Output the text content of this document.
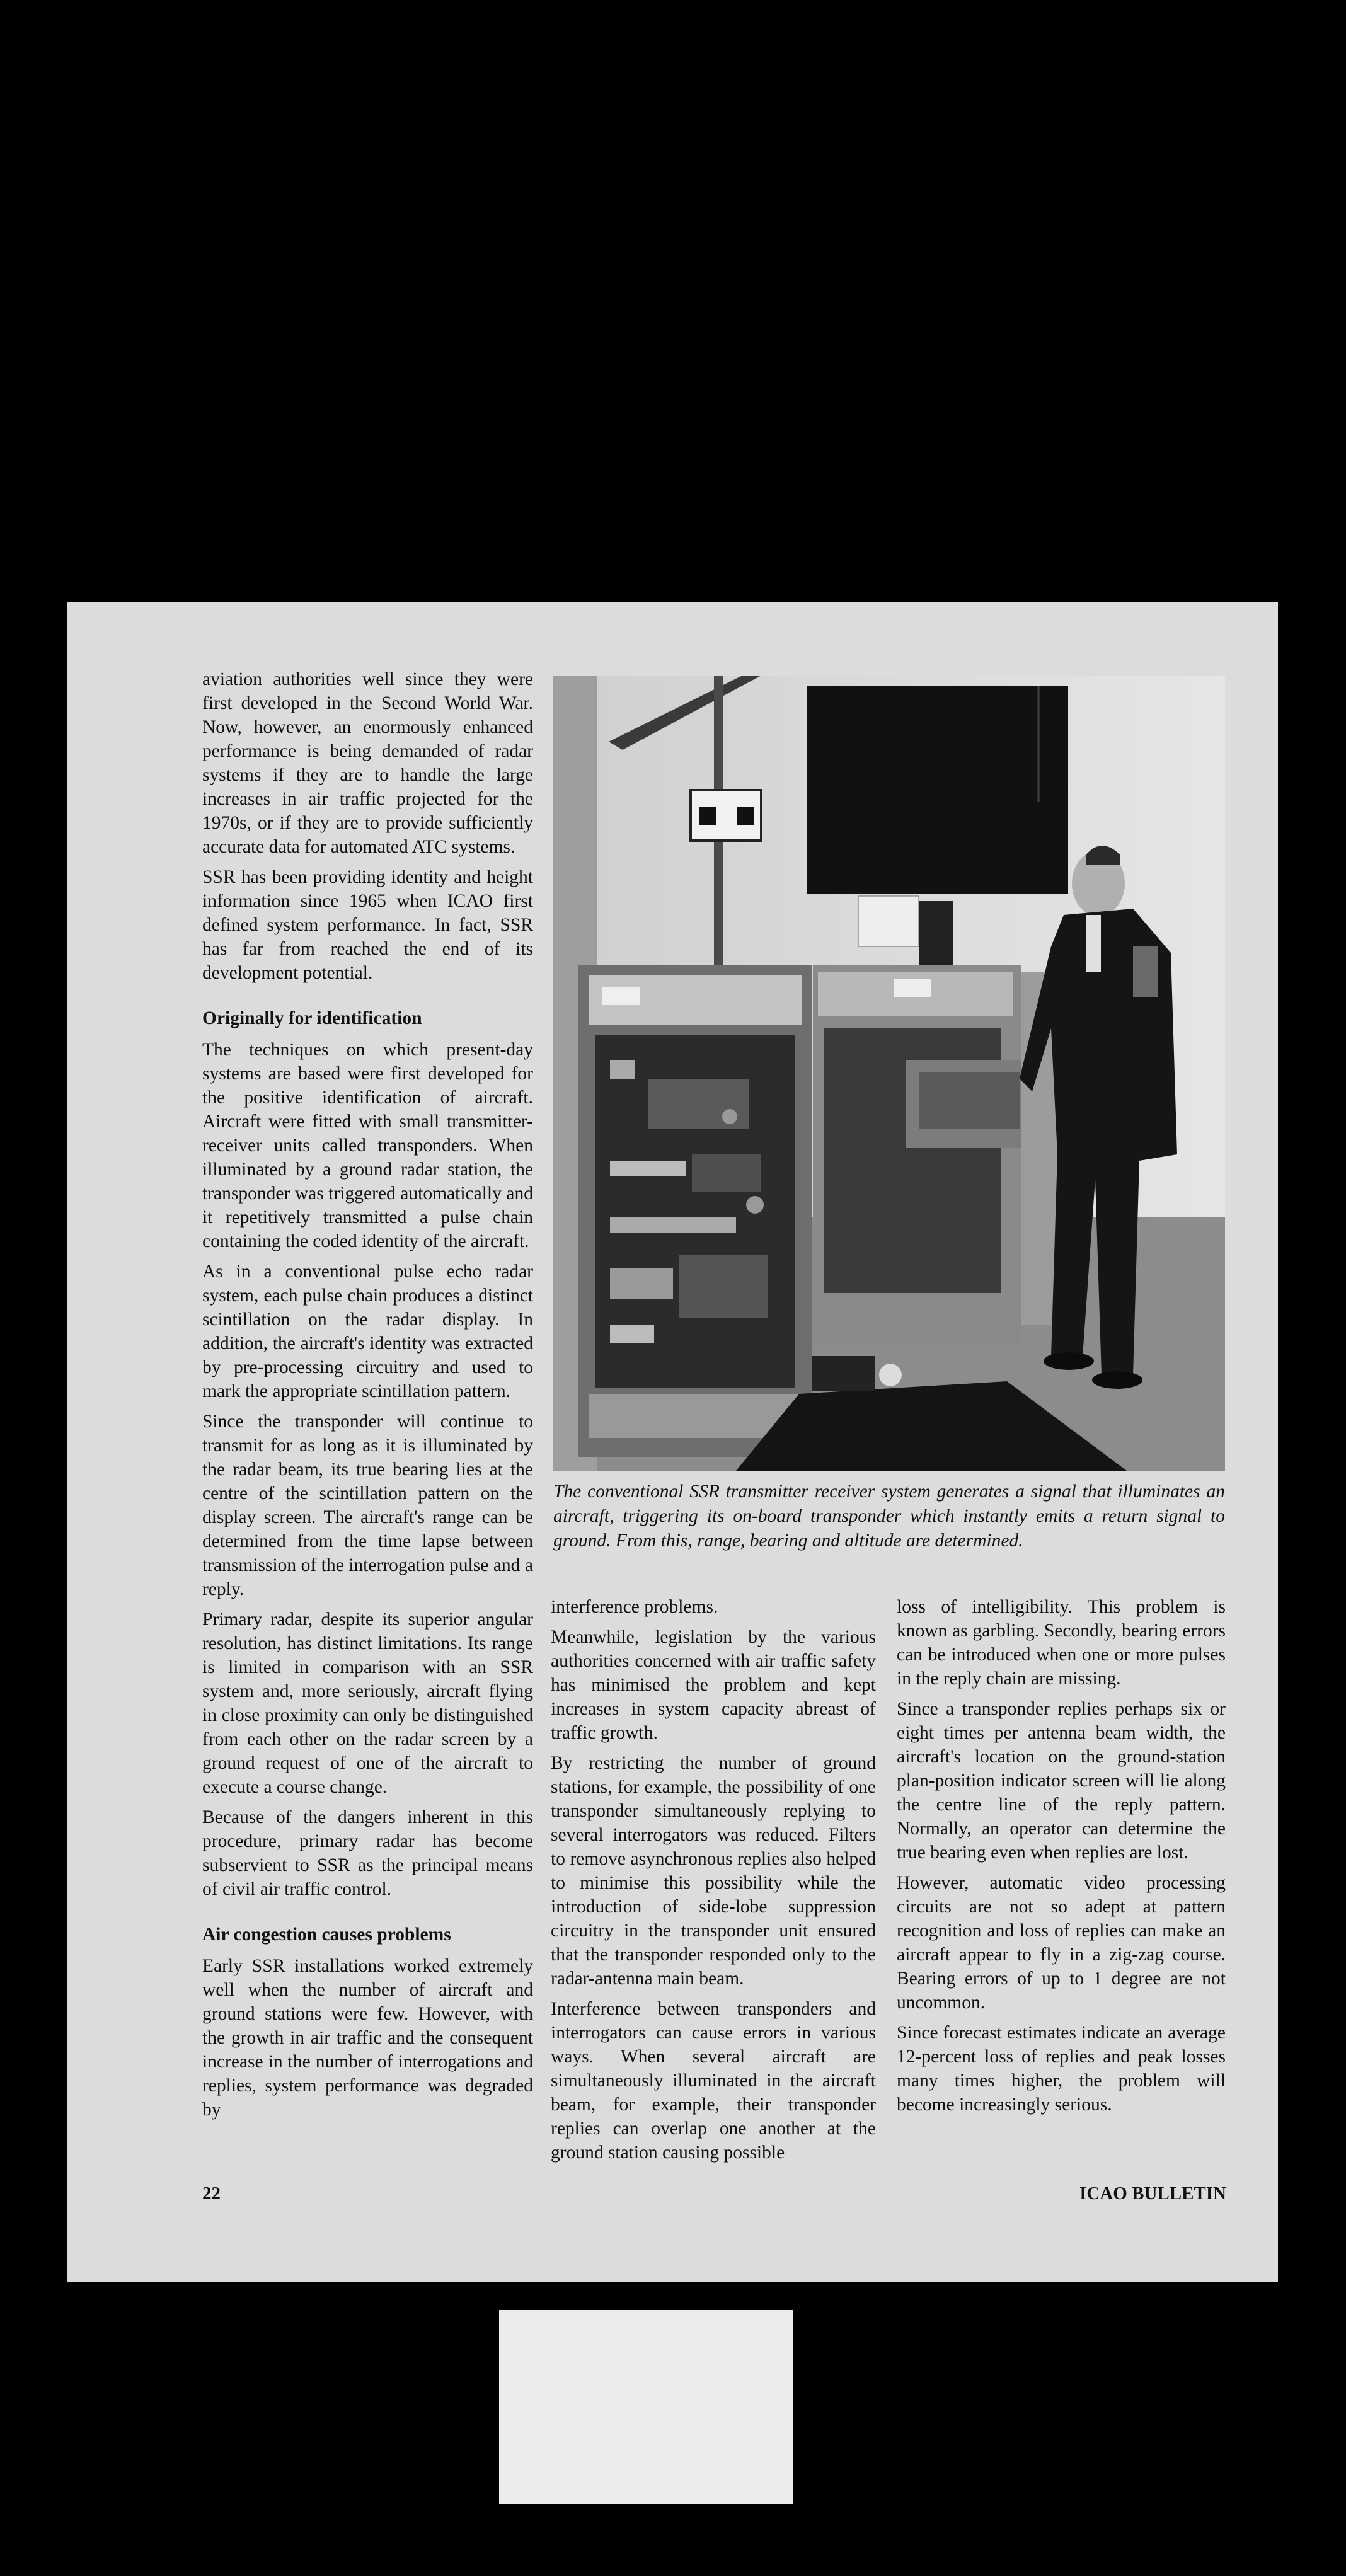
aviation authorities well since they were first developed in the Second World War. Now, however, an enormously enhanced performance is being demanded of radar systems if they are to handle the large increases in air traffic projected for the 1970s, or if they are to provide sufficiently accurate data for automated ATC systems.

SSR has been providing identity and height information since 1965 when ICAO first defined system performance. In fact, SSR has far from reached the end of its development potential.

Originally for identification

The techniques on which present-day systems are based were first developed for the positive identification of aircraft. Aircraft were fitted with small transmitter-receiver units called transponders. When illuminated by a ground radar station, the transponder was triggered automatically and it repetitively transmitted a pulse chain containing the coded identity of the aircraft.

As in a conventional pulse echo radar system, each pulse chain produces a distinct scintillation on the radar display. In addition, the aircraft's identity was extracted by pre-processing circuitry and used to mark the appropriate scintillation pattern.

Since the transponder will continue to transmit for as long as it is illuminated by the radar beam, its true bearing lies at the centre of the scintillation pattern on the display screen. The aircraft's range can be determined from the time lapse between transmission of the interrogation pulse and a reply.

Primary radar, despite its superior angular resolution, has distinct limitations. Its range is limited in comparison with an SSR system and, more seriously, aircraft flying in close proximity can only be distinguished from each other on the radar screen by a ground request of one of the aircraft to execute a course change.

Because of the dangers inherent in this procedure, primary radar has become subservient to SSR as the principal means of civil air traffic control.

Air congestion causes problems

Early SSR installations worked extremely well when the number of aircraft and ground stations were few. However, with the growth in air traffic and the consequent increase in the number of interrogations and replies, system performance was degraded by

The conventional SSR transmitter receiver system generates a signal that illuminates an aircraft, triggering its on-board transponder which instantly emits a return signal to ground. From this, range, bearing and altitude are determined.

interference problems.

Meanwhile, legislation by the various authorities concerned with air traffic safety has minimised the problem and kept increases in system capacity abreast of traffic growth.

By restricting the number of ground stations, for example, the possibility of one transponder simultaneously replying to several interrogators was reduced. Filters to remove asynchronous replies also helped to minimise this possibility while the introduction of side-lobe suppression circuitry in the transponder unit ensured that the transponder responded only to the radar-antenna main beam.

Interference between transponders and interrogators can cause errors in various ways. When several aircraft are simultaneously illuminated in the aircraft beam, for example, their transponder replies can overlap one another at the ground station causing possible

loss of intelligibility. This problem is known as garbling. Secondly, bearing errors can be introduced when one or more pulses in the reply chain are missing.

Since a transponder replies perhaps six or eight times per antenna beam width, the aircraft's location on the ground-station plan-position indicator screen will lie along the centre line of the reply pattern. Normally, an operator can determine the true bearing even when replies are lost.

However, automatic video processing circuits are not so adept at pattern recognition and loss of replies can make an aircraft appear to fly in a zig-zag course. Bearing errors of up to 1 degree are not uncommon.

Since forecast estimates indicate an average 12-percent loss of replies and peak losses many times higher, the problem will become increasingly serious.

22	ICAO BULLETIN
